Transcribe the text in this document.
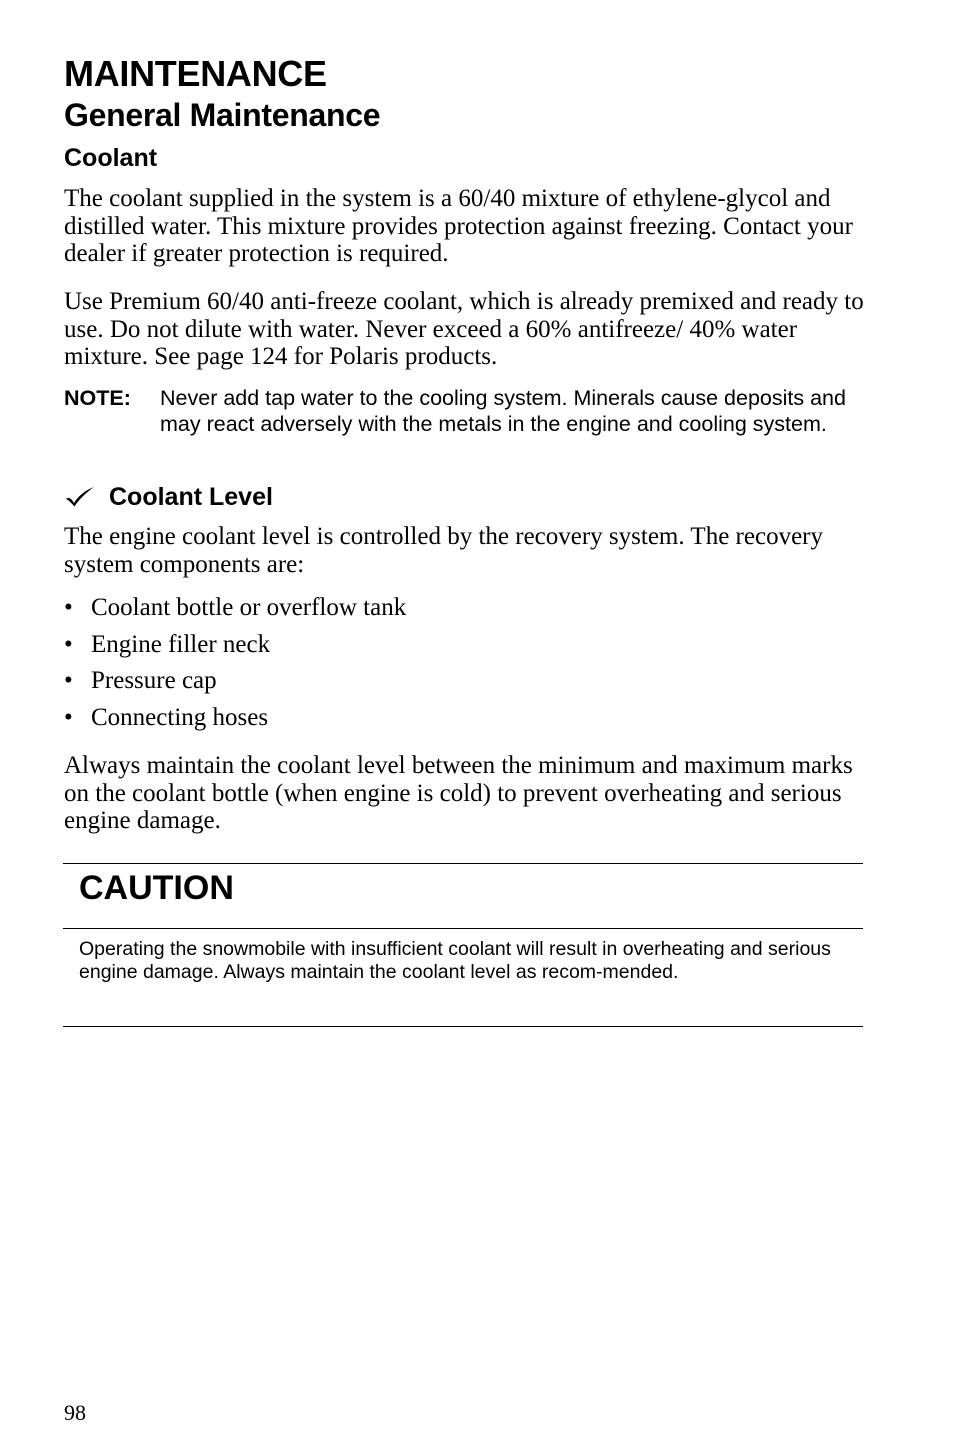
MAINTENANCE
General Maintenance
Coolant

The coolant supplied in the system is a 60/40 mixture of ethylene-glycol and distilled water. This mixture provides protection against freezing. Contact your dealer if greater protection is required.

Use Premium 60/40 anti-freeze coolant, which is already premixed and ready to use. Do not dilute with water. Never exceed a 60% antifreeze/ 40% water mixture. See page 124 for Polaris products.

NOTE: Never add tap water to the cooling system. Minerals cause deposits and may react adversely with the metals in the engine and cooling system.
Coolant Level

The engine coolant level is controlled by the recovery system. The recovery system components are:

• Coolant bottle or overflow tank
• Engine filler neck
• Pressure cap
• Connecting hoses

Always maintain the coolant level between the minimum and maximum marks on the coolant bottle (when engine is cold) to prevent overheating and serious engine damage.

CAUTION

Operating the snowmobile with insufficient coolant will result in overheating and serious engine damage. Always maintain the coolant level as recom-mended.

98
